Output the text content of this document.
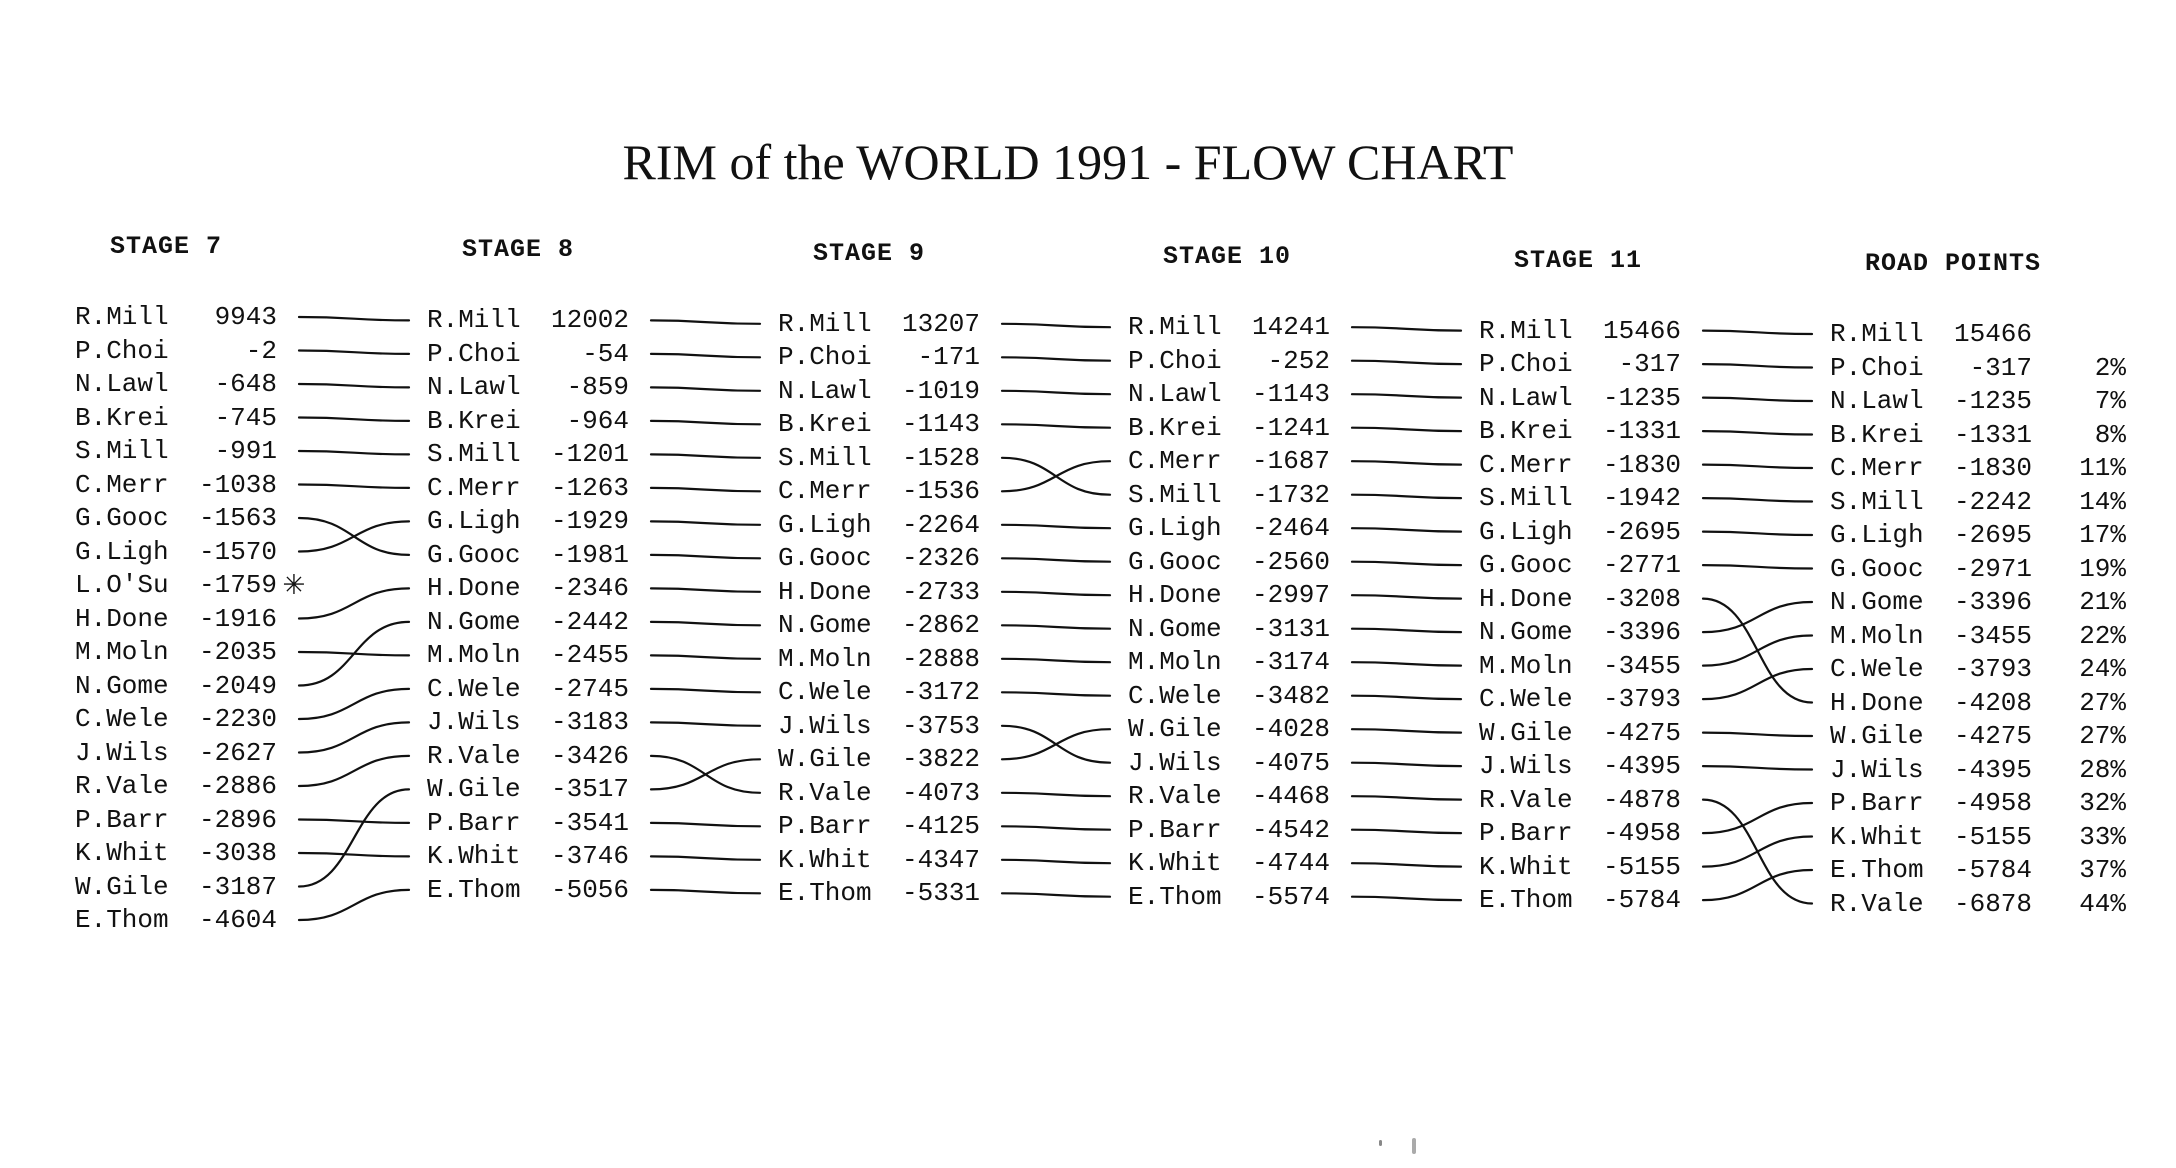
RIM of the WORLD 1991 - FLOW CHART
STAGE 7
R.Mill 9943
P.Choi	-2
N.Lawl -648
B.Krei -745
S.Mill -991
C.Merr -1038
G.Gooc -1563
G.Ligh -1570
L.O'Su -1759
H.Done -1916
M.Moln -2035
N.Gome -2049
C.Wele -2230
J.Wils -2627
R.Vale -2886
P.Barr -2896
K.Whit -3038
W.Gile -3187
E.Thom -4604
STAGE 8
R.Mill 12002
P.Choi -54
N.Lawl -859
B.Krei -964
S.Mill -1201
C.Merr -1263
G.Ligh -1929
G.Gooc -1981
H.Done -2346
N.Gome -2442
M.Moln -2455
C.Wele -2745
J.Wils -3183
R.Vale -3426
W.Gile -3517
P.Barr -3541
K.Whit -3746
E.Thom -5056
STAGE 9
R.Mill 13207
P.Choi -171
N.Lawl -1019
B.Krei -1143
S.Mill -1528
C.Merr -1536
G.Ligh -2264
G.Gooc -2326
H.Done -2733
N.Gome -2862
M.Moln -2888
C.Wele -3172
J.Wils -3753
W.Gile -3822
R.Vale -4073
P.Barr -4125
K.Whit -4347
E.Thom -5331
STAGE 10
R.Mill 14241
P.Choi -252
N.Lawl -1143
B.Krei -1241
C.Merr -1687
S.Mill -1732
G.Ligh -2464
G.Gooc -2560
H.Done -2997
N.Gome -3131
M.Moln -3174
C.Wele -3482
W.Gile -4028
J.Wils -4075
R.Vale -4468
P.Barr -4542
K.Whit -4744
E.Thom -5574
STAGE 11
R.Mill 15466
P.Choi -317
N.Lawl -1235
B.Krei -1331
C.Merr -1830
S.Mill -1942
G.Ligh -2695
G.Gooc -2771
H.Done -3208
N.Gome -3396
M.Moln -3455
C.Wele -3793
W.Gile -4275
J.Wils -4395
R.Vale -4878
P.Barr -4958
K.Whit -5155
E.Thom -5784
ROAD POINTS
R.Mill 15466
P.Choi -317	2%
N.Lawl -1235	7%
B.Krei -1331	8%
C.Merr -1830	11%
S.Mill -2242	14%
G.Ligh -2695	17%
G.Gooc -2971	19%
N.Gome -3396	21%
M.Moln -3455	22%
C.Wele -3793	24%
H.Done -4208	27%
W.Gile -4275	27%
J.Wils -4395	28%
P.Barr -4958	32%
K.Whit -5155	33%
E.Thom -5784	37%
R.Vale -6878	44%
✳
